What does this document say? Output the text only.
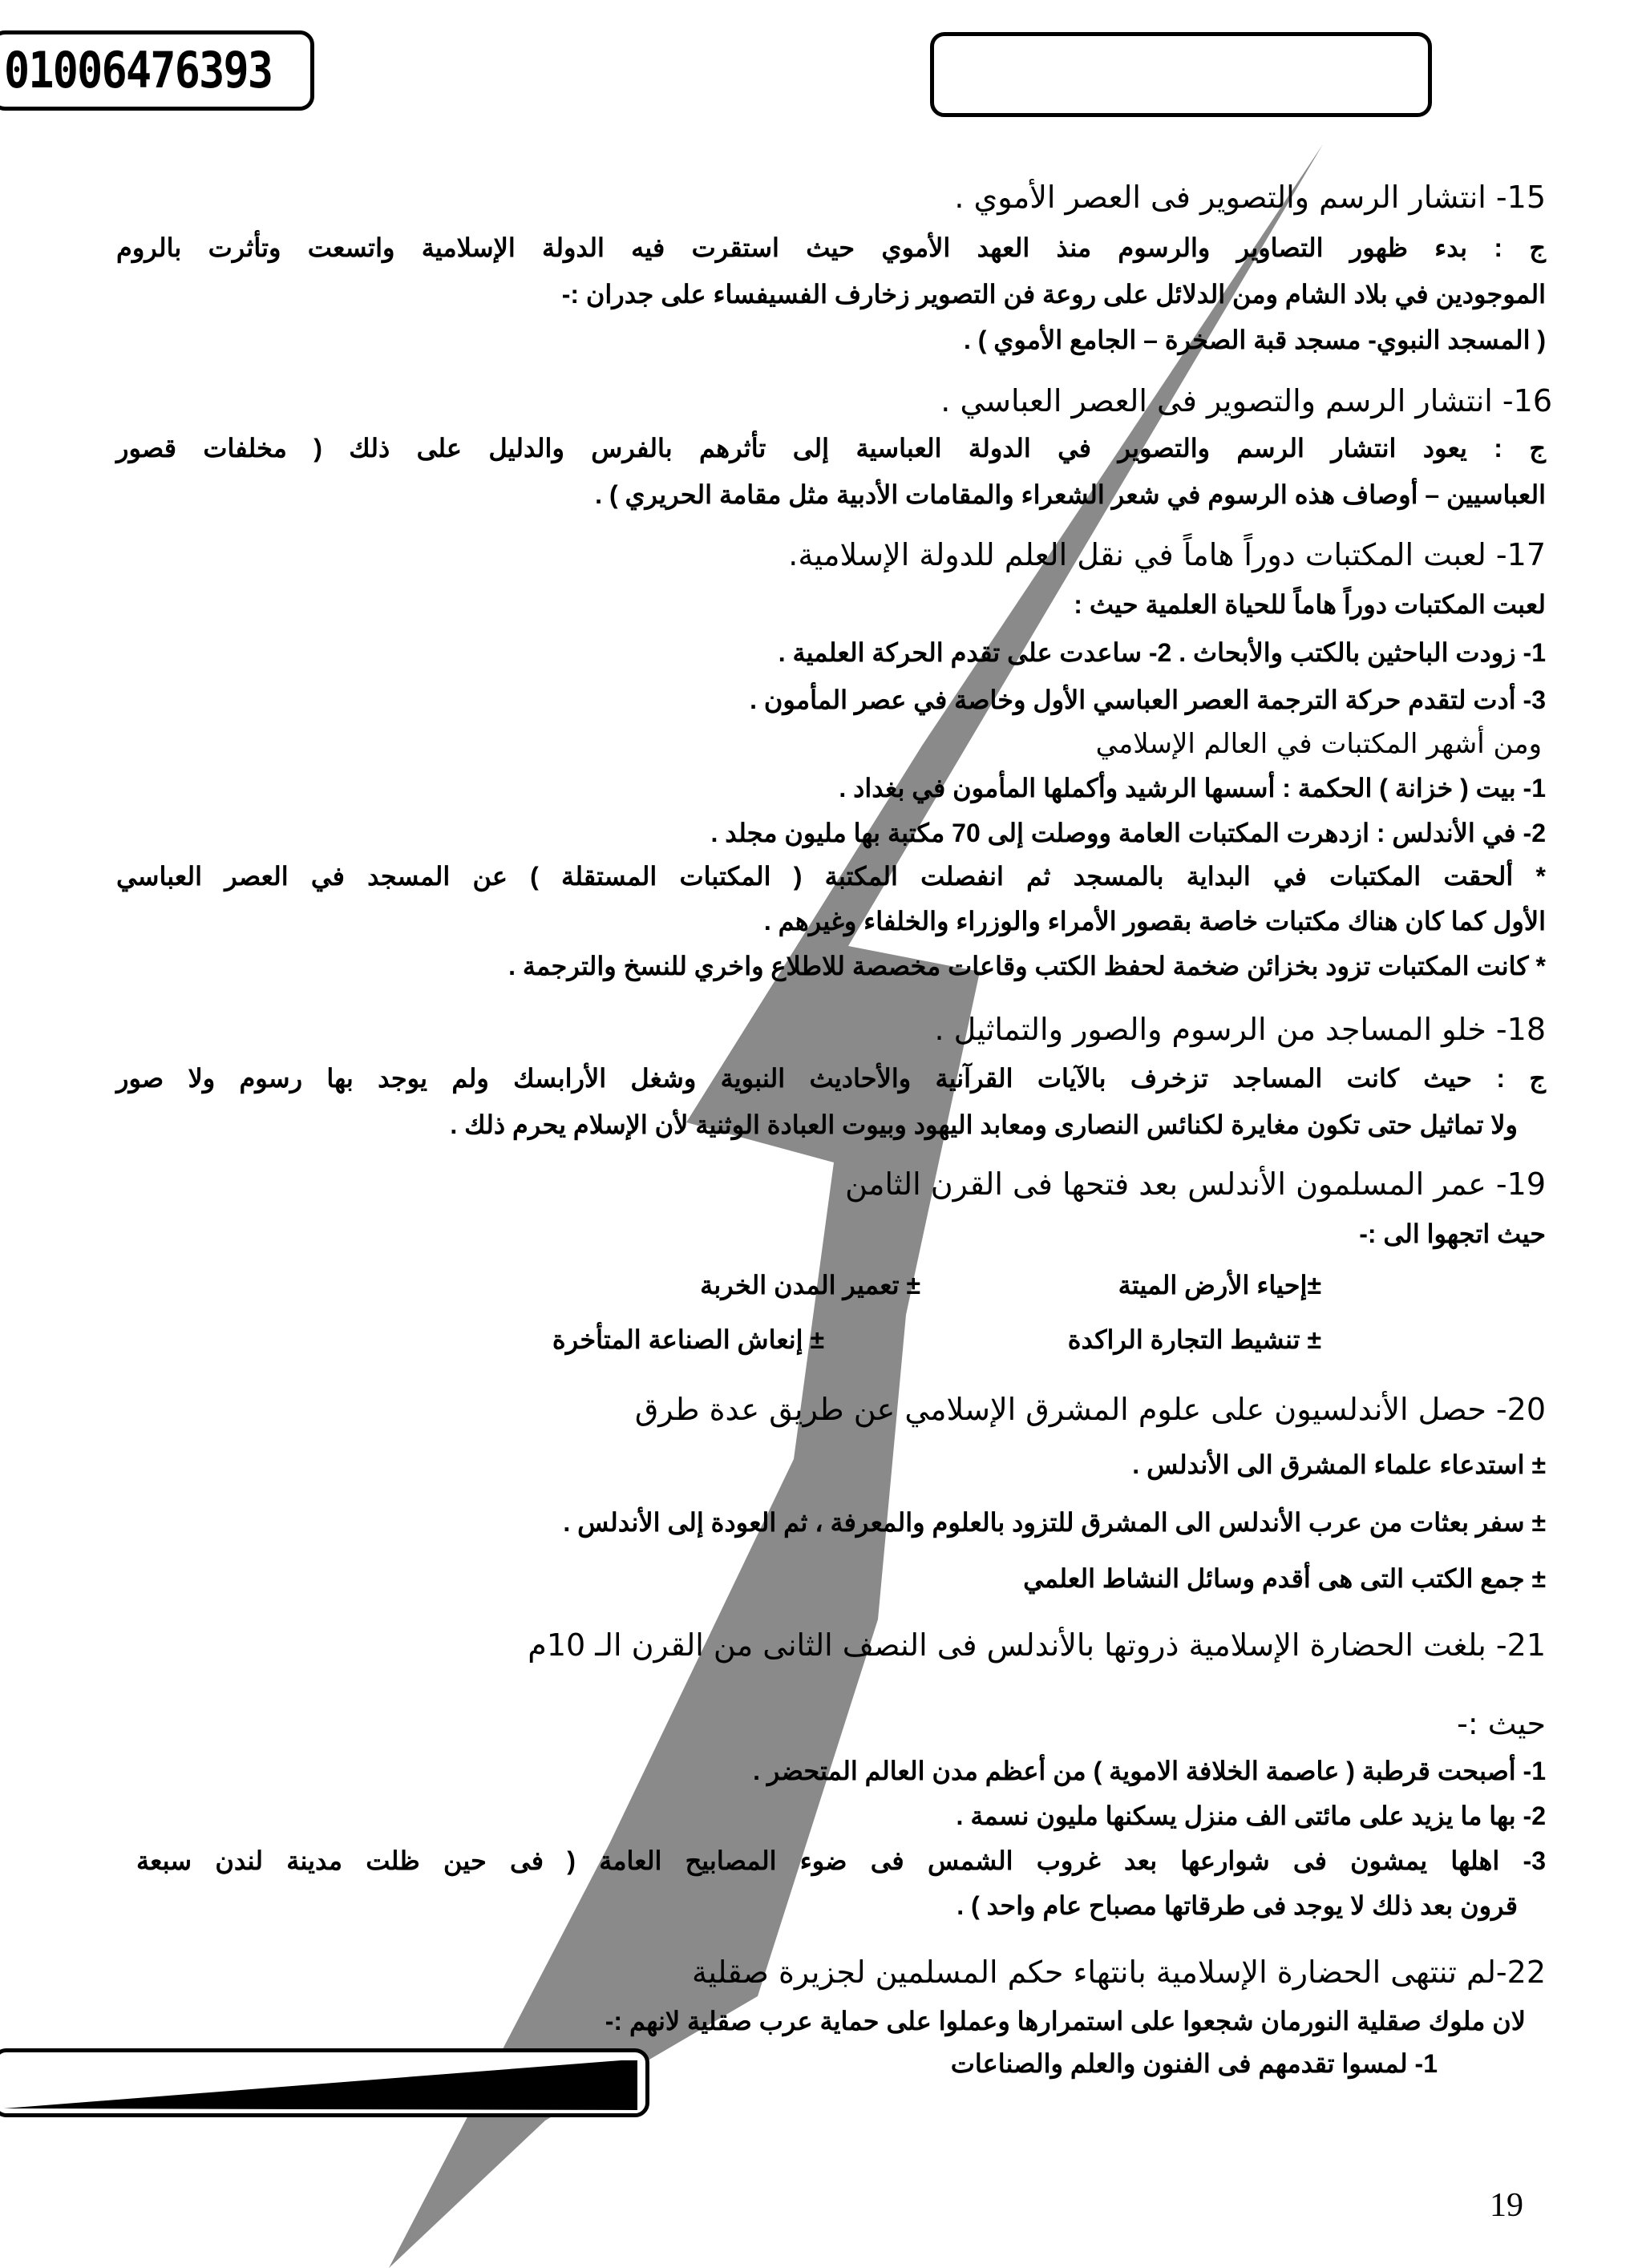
01006476393
15- انتشار الرسم والتصوير فى العصر الأموي .
ج : بدء ظهور التصاوير والرسوم منذ العهد الأموي حيث استقرت فيه الدولة الإسلامية واتسعت وتأثرت بالروم
الموجودين في بلاد الشام ومن الدلائل على روعة فن التصوير زخارف الفسيفساء على جدران :-
( المسجد النبوي- مسجد قبة الصخرة – الجامع الأموي ) .
16- انتشار الرسم والتصوير فى العصر العباسي .
ج : يعود انتشار الرسم والتصوير في الدولة العباسية إلى تأثرهم بالفرس والدليل على ذلك ( مخلفات قصور
العباسيين – أوصاف هذه الرسوم في شعر الشعراء والمقامات الأدبية مثل مقامة الحريري ) .
17- لعبت المكتبات دوراً هاماً في نقل العلم للدولة الإسلامية.
لعبت المكتبات دوراً هاماً للحياة العلمية حيث :
1- زودت الباحثين بالكتب والأبحاث . 2- ساعدت على تقدم الحركة العلمية .
3- أدت لتقدم حركة الترجمة العصر العباسي الأول وخاصة في عصر المأمون .
ومن أشهر المكتبات في العالم الإسلامي
1- بيت ( خزانة ) الحكمة : أسسها الرشيد وأكملها المأمون في بغداد .
2- في الأندلس : ازدهرت المكتبات العامة ووصلت إلى 70 مكتبة بها مليون مجلد .
* ألحقت المكتبات في البداية بالمسجد ثم انفصلت المكتبة ( المكتبات المستقلة ) عن المسجد في العصر العباسي
الأول كما كان هناك مكتبات خاصة بقصور الأمراء والوزراء والخلفاء وغيرهم .
* كانت المكتبات تزود بخزائن ضخمة لحفظ الكتب وقاعات مخصصة للاطلاع واخري للنسخ والترجمة .
18- خلو المساجد من الرسوم والصور والتماثيل .
ج : حيث كانت المساجد تزخرف بالآيات القرآنية والأحاديث النبوية وشغل الأرابسك ولم يوجد بها رسوم ولا صور
ولا تماثيل حتى تكون مغايرة لكنائس النصارى ومعابد اليهود وبيوت العبادة الوثنية لأن الإسلام يحرم ذلك .
19- عمر المسلمون الأندلس بعد فتحها فى القرن الثامن
حيث اتجهوا الى :-
±إحياء الأرض الميتة
± تعمير المدن الخربة
± تنشيط التجارة الراكدة
± إنعاش الصناعة المتأخرة
20- حصل الأندلسيون على علوم المشرق الإسلامي عن طريق عدة طرق
± استدعاء علماء المشرق الى الأندلس .
± سفر بعثات من عرب الأندلس الى المشرق للتزود بالعلوم والمعرفة ، ثم العودة إلى الأندلس .
± جمع الكتب التى هى أقدم وسائل النشاط العلمي
21- بلغت الحضارة الإسلامية ذروتها بالأندلس فى النصف الثانى من القرن الـ 10م
حيث :-
1- أصبحت قرطبة ( عاصمة الخلافة الاموية ) من أعظم مدن العالم المتحضر .
2- بها ما يزيد على مائتى الف منزل يسكنها مليون نسمة .
3- اهلها يمشون فى شوارعها بعد غروب الشمس فى ضوء المصابيح العامة ( فى حين ظلت مدينة لندن سبعة
قرون بعد ذلك لا يوجد فى طرقاتها مصباح عام واحد ) .
22-لم تنتهى الحضارة الإسلامية بانتهاء حكم المسلمين لجزيرة صقلية
لان ملوك صقلية النورمان شجعوا على استمرارها وعملوا على حماية عرب صقلية لانهم :-
1- لمسوا تقدمهم فى الفنون والعلم والصناعات
19
